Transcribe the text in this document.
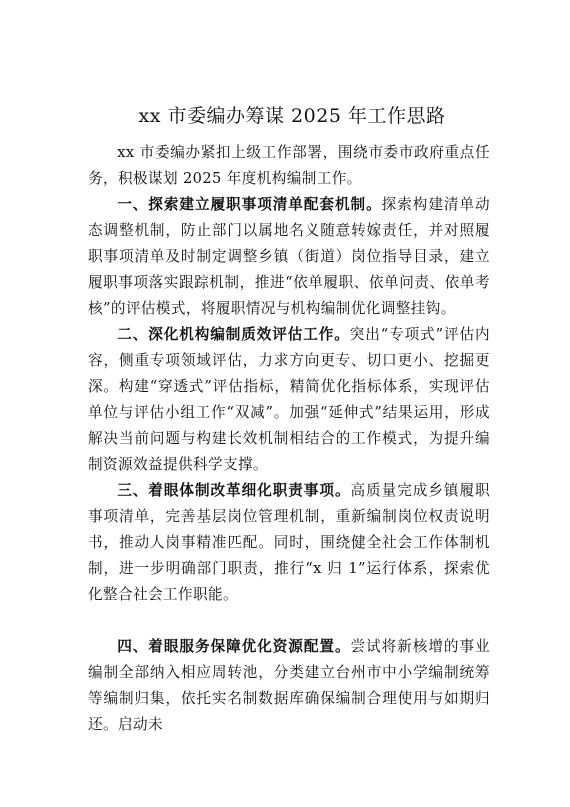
xx 市委编办筹谋 2025 年工作思路

xx 市委编办紧扣上级工作部署，围绕市委市政府重点任务，积极谋划 2025 年度机构编制工作。

一、探索建立履职事项清单配套机制。探索构建清单动态调整机制，防止部门以属地名义随意转嫁责任，并对照履职事项清单及时制定调整乡镇（街道）岗位指导目录，建立履职事项落实跟踪机制，推进“依单履职、依单问责、依单考核”的评估模式，将履职情况与机构编制优化调整挂钩。

二、深化机构编制质效评估工作。突出“专项式”评估内容，侧重专项领域评估，力求方向更专、切口更小、挖掘更深。构建“穿透式”评估指标，精简优化指标体系，实现评估单位与评估小组工作“双减”。加强“延伸式”结果运用，形成解决当前问题与构建长效机制相结合的工作模式，为提升编制资源效益提供科学支撑。

三、着眼体制改革细化职责事项。高质量完成乡镇履职事项清单，完善基层岗位管理机制，重新编制岗位权责说明书，推动人岗事精准匹配。同时，围绕健全社会工作体制机制，进一步明确部门职责，推行“x 归 1”运行体系，探索优化整合社会工作职能。

四、着眼服务保障优化资源配置。尝试将新核增的事业编制全部纳入相应周转池，分类建立台州市中小学编制统筹等编制归集，依托实名制数据库确保编制合理使用与如期归还。启动未
